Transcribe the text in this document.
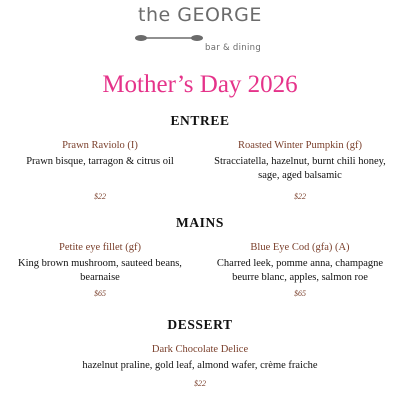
the GEORGE
bar & dining
Mother’s Day 2026
ENTREE
Prawn Raviolo (I)
Prawn bisque, tarragon & citrus oil
$22
Roasted Winter Pumpkin (gf)
Stracciatella, hazelnut, burnt chili honey, sage, aged balsamic
$22
MAINS
Petite eye fillet (gf)
King brown mushroom, sauteed beans, bearnaise
$65
Blue Eye Cod (gfa) (A)
Charred leek, pomme anna, champagne beurre blanc, apples, salmon roe
$65
DESSERT
Dark Chocolate Delice
hazelnut praline, gold leaf, almond wafer, crème fraiche
$22
